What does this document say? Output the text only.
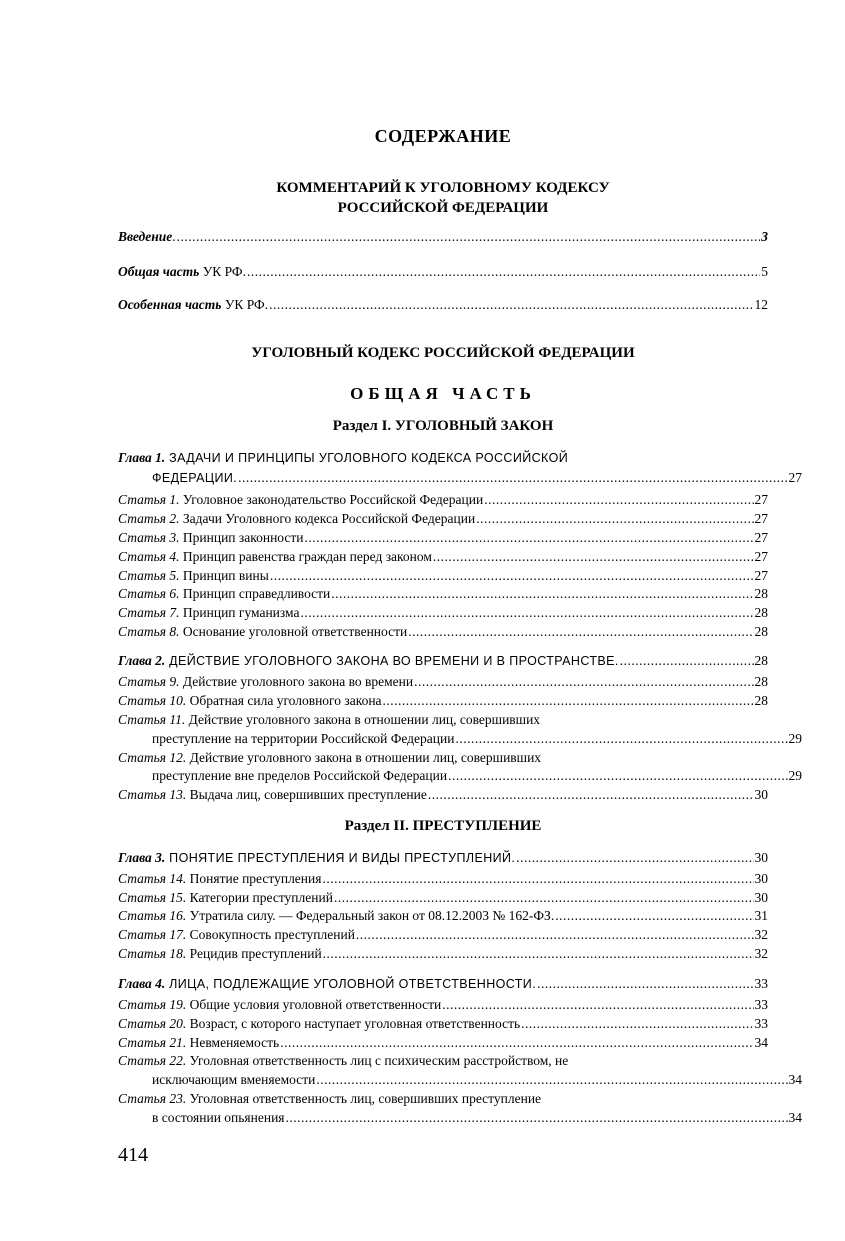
СОДЕРЖАНИЕ
КОММЕНТАРИЙ К УГОЛОВНОМУ КОДЕКСУ
РОССИЙСКОЙ ФЕДЕРАЦИИ
Введение. .....	3
Общая часть УК РФ. .....	5
Особенная часть УК РФ. .....	12
УГОЛОВНЫЙ КОДЕКС РОССИЙСКОЙ ФЕДЕРАЦИИ
ОБЩАЯ ЧАСТЬ
Раздел I. УГОЛОВНЫЙ ЗАКОН
Глава 1. ЗАДАЧИ И ПРИНЦИПЫ УГОЛОВНОГО КОДЕКСА РОССИЙСКОЙ
ФЕДЕРАЦИИ. .....	27
Статья 1. Уголовное законодательство Российской Федерации .....	27
Статья 2. Задачи Уголовного кодекса Российской Федерации .....	27
Статья 3. Принцип законности .....	27
Статья 4. Принцип равенства граждан перед законом .....	27
Статья 5. Принцип вины .....	27
Статья 6. Принцип справедливости .....	28
Статья 7. Принцип гуманизма .....	28
Статья 8. Основание уголовной ответственности .....	28
Глава 2. ДЕЙСТВИЕ УГОЛОВНОГО ЗАКОНА ВО ВРЕМЕНИ И В ПРОСТРАНСТВЕ. .....	28
Статья 9. Действие уголовного закона во времени .....	28
Статья 10. Обратная сила уголовного закона .....	28
Статья 11. Действие уголовного закона в отношении лиц, совершивших
преступление на территории Российской Федерации .....	29
Статья 12. Действие уголовного закона в отношении лиц, совершивших
преступление вне пределов Российской Федерации .....	29
Статья 13. Выдача лиц, совершивших преступление .....	30
Раздел II. ПРЕСТУПЛЕНИЕ
Глава 3. ПОНЯТИЕ ПРЕСТУПЛЕНИЯ И ВИДЫ ПРЕСТУПЛЕНИЙ. .....	30
Статья 14. Понятие преступления .....	30
Статья 15. Категории преступлений .....	30
Статья 16. Утратила силу. — Федеральный закон от 08.12.2003 № 162-ФЗ. .....	31
Статья 17. Совокупность преступлений .....	32
Статья 18. Рецидив преступлений .....	32
Глава 4. ЛИЦА, ПОДЛЕЖАЩИЕ УГОЛОВНОЙ ОТВЕТСТВЕННОСТИ. .....	33
Статья 19. Общие условия уголовной ответственности .....	33
Статья 20. Возраст, с которого наступает уголовная ответственность .....	33
Статья 21. Невменяемость .....	34
Статья 22. Уголовная ответственность лиц с психическим расстройством, не
исключающим вменяемости .....	34
Статья 23. Уголовная ответственность лиц, совершивших преступление
в состоянии опьянения .....	34
414
